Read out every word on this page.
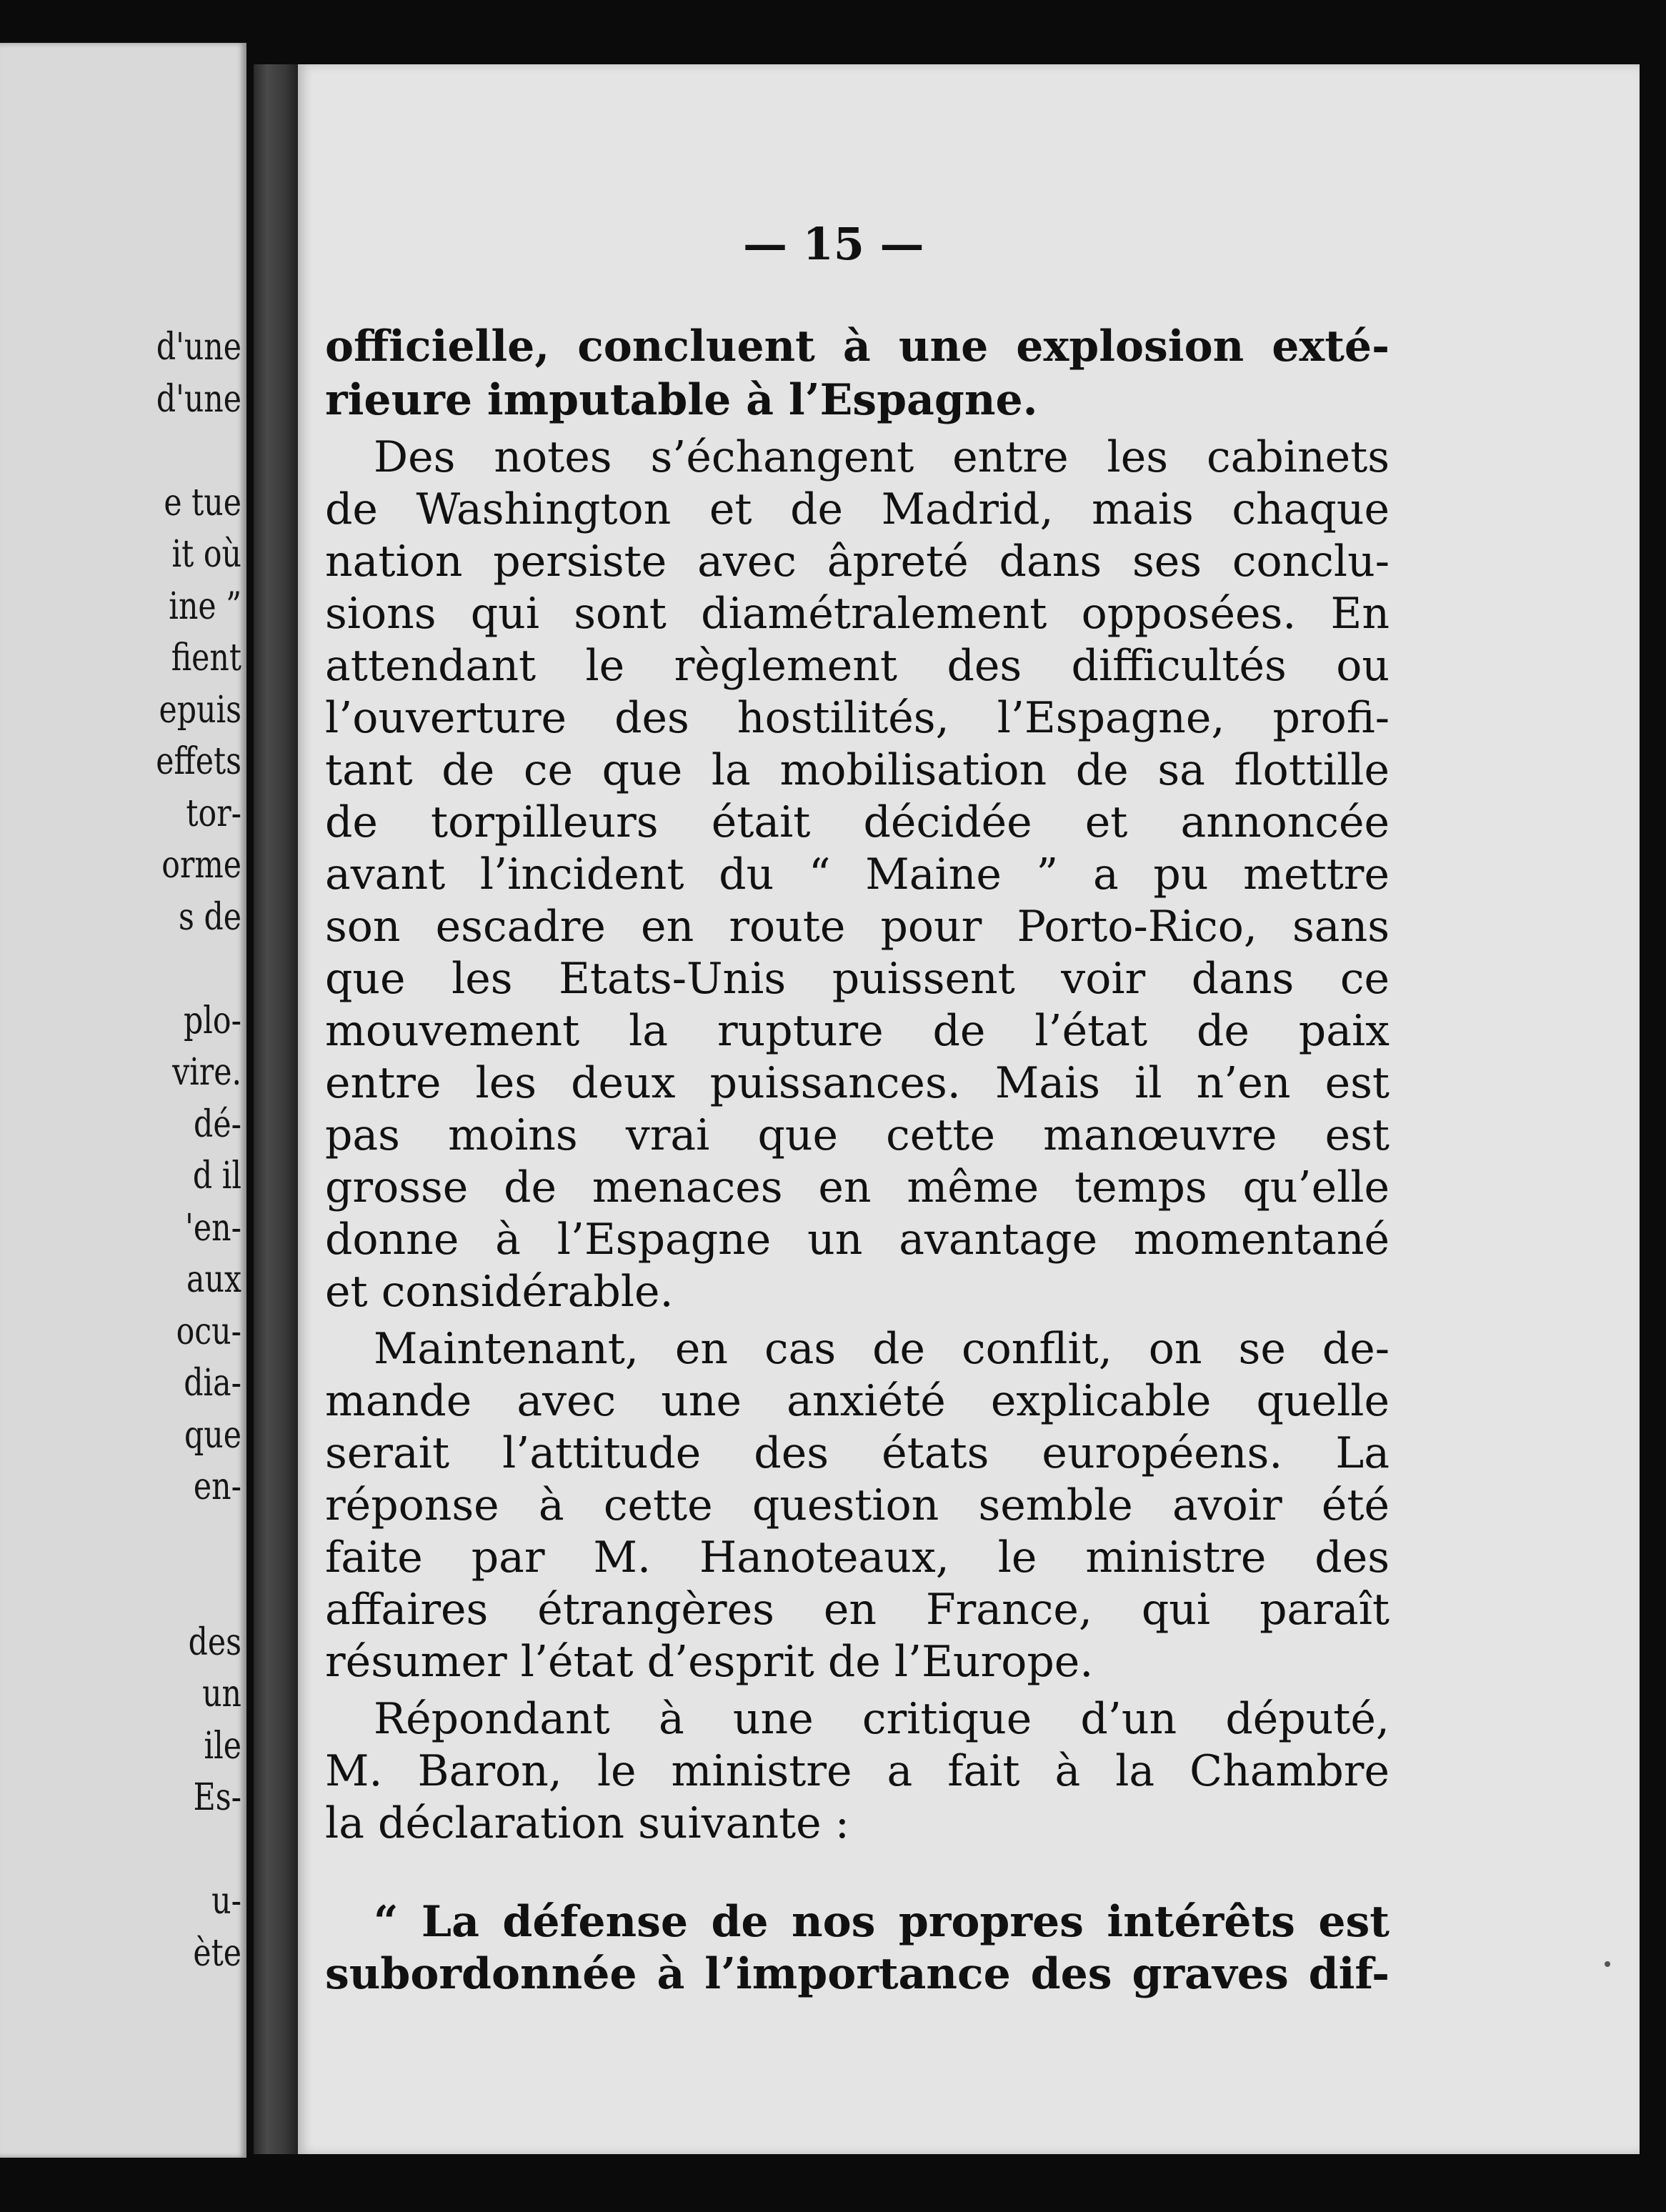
d'une
d'une
e tue
it où
ine ”
fient
epuis
effets
tor-
orme
s de
plo-
vire.
dé-
d il
'en-
aux
ocu-
dia-
que
en-
des
un
ile
Es-
u-
ète
— 15 —
officielle, concluent à une explosion exté-
rieure imputable à l’Espagne.
Des notes s’échangent entre les cabinets
de Washington et de Madrid, mais chaque
nation persiste avec âpreté dans ses conclu-
sions qui sont diamétralement opposées. En
attendant le règlement des difficultés ou
l’ouverture des hostilités, l’Espagne, profi-
tant de ce que la mobilisation de sa flottille
de torpilleurs était décidée et annoncée
avant l’incident du “ Maine ” a pu mettre
son escadre en route pour Porto-Rico, sans
que les Etats-Unis puissent voir dans ce
mouvement la rupture de l’état de paix
entre les deux puissances. Mais il n’en est
pas moins vrai que cette manœuvre est
grosse de menaces en même temps qu’elle
donne à l’Espagne un avantage momentané
et considérable.
Maintenant, en cas de conflit, on se de-
mande avec une anxiété explicable quelle
serait l’attitude des états européens. La
réponse à cette question semble avoir été
faite par M. Hanoteaux, le ministre des
affaires étrangères en France, qui paraît
résumer l’état d’esprit de l’Europe.
Répondant à une critique d’un député,
M. Baron, le ministre a fait à la Chambre
la déclaration suivante :
“ La défense de nos propres intérêts est
subordonnée à l’importance des graves dif-
